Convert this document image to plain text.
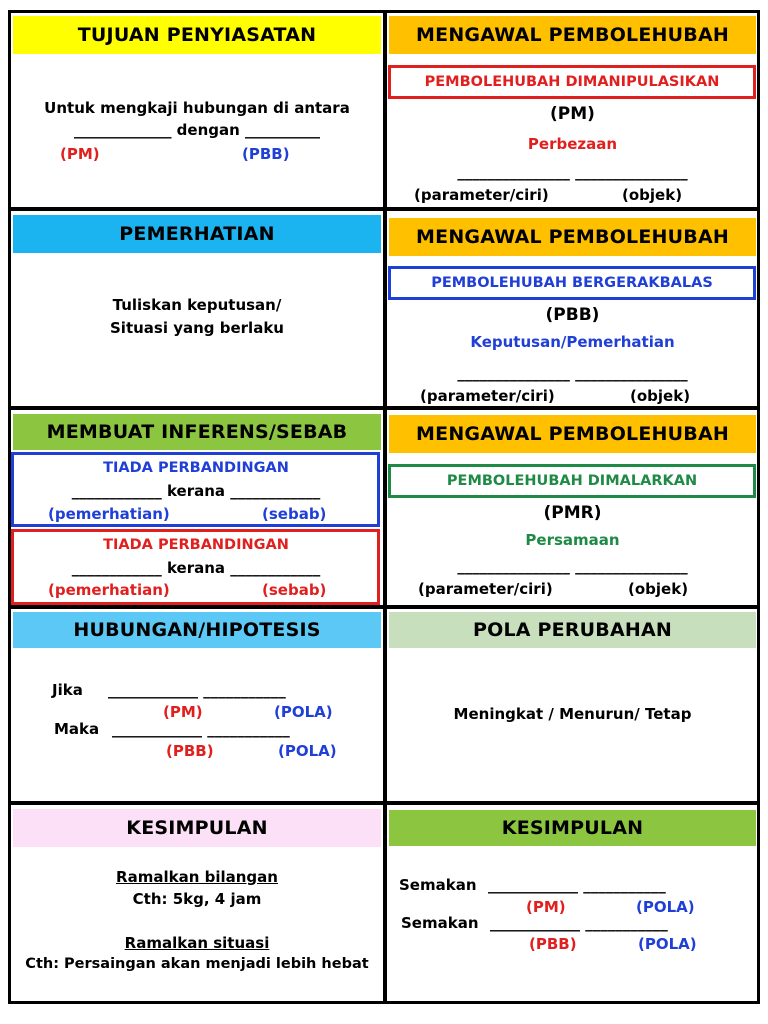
TUJUAN PENYIASATAN
Untuk mengkaji hubungan di antara
_____________ dengan __________
(PM)	(PBB)
MENGAWAL PEMBOLEHUBAH
PEMBOLEHUBAH DIMANIPULASIKAN
(PM)
Perbezaan
_______________ _______________
(parameter/ciri)	(objek)
PEMERHATIAN
Tuliskan keputusan/
Situasi yang berlaku
MENGAWAL PEMBOLEHUBAH
PEMBOLEHUBAH BERGERAKBALAS
(PBB)
Keputusan/Pemerhatian
_______________ _______________
(parameter/ciri)	(objek)
MEMBUAT INFERENS/SEBAB
TIADA PERBANDINGAN
____________ kerana ____________
(pemerhatian)	(sebab)
TIADA PERBANDINGAN
____________ kerana ____________
(pemerhatian)	(sebab)
MENGAWAL PEMBOLEHUBAH
PEMBOLEHUBAH DIMALARKAN
(PMR)
Persamaan
_______________ _______________
(parameter/ciri)	(objek)
HUBUNGAN/HIPOTESIS
Jika ____________ ___________
(PM)	(POLA)
Maka ____________ ___________
(PBB)	(POLA)
POLA PERUBAHAN
Meningkat / Menurun/ Tetap
KESIMPULAN
Ramalkan bilangan
Cth: 5kg, 4 jam
Ramalkan situasi
Cth: Persaingan akan menjadi lebih hebat
KESIMPULAN
Semakan ____________ ___________
(PM)	(POLA)
Semakan ____________ ___________
(PBB)	(POLA)
